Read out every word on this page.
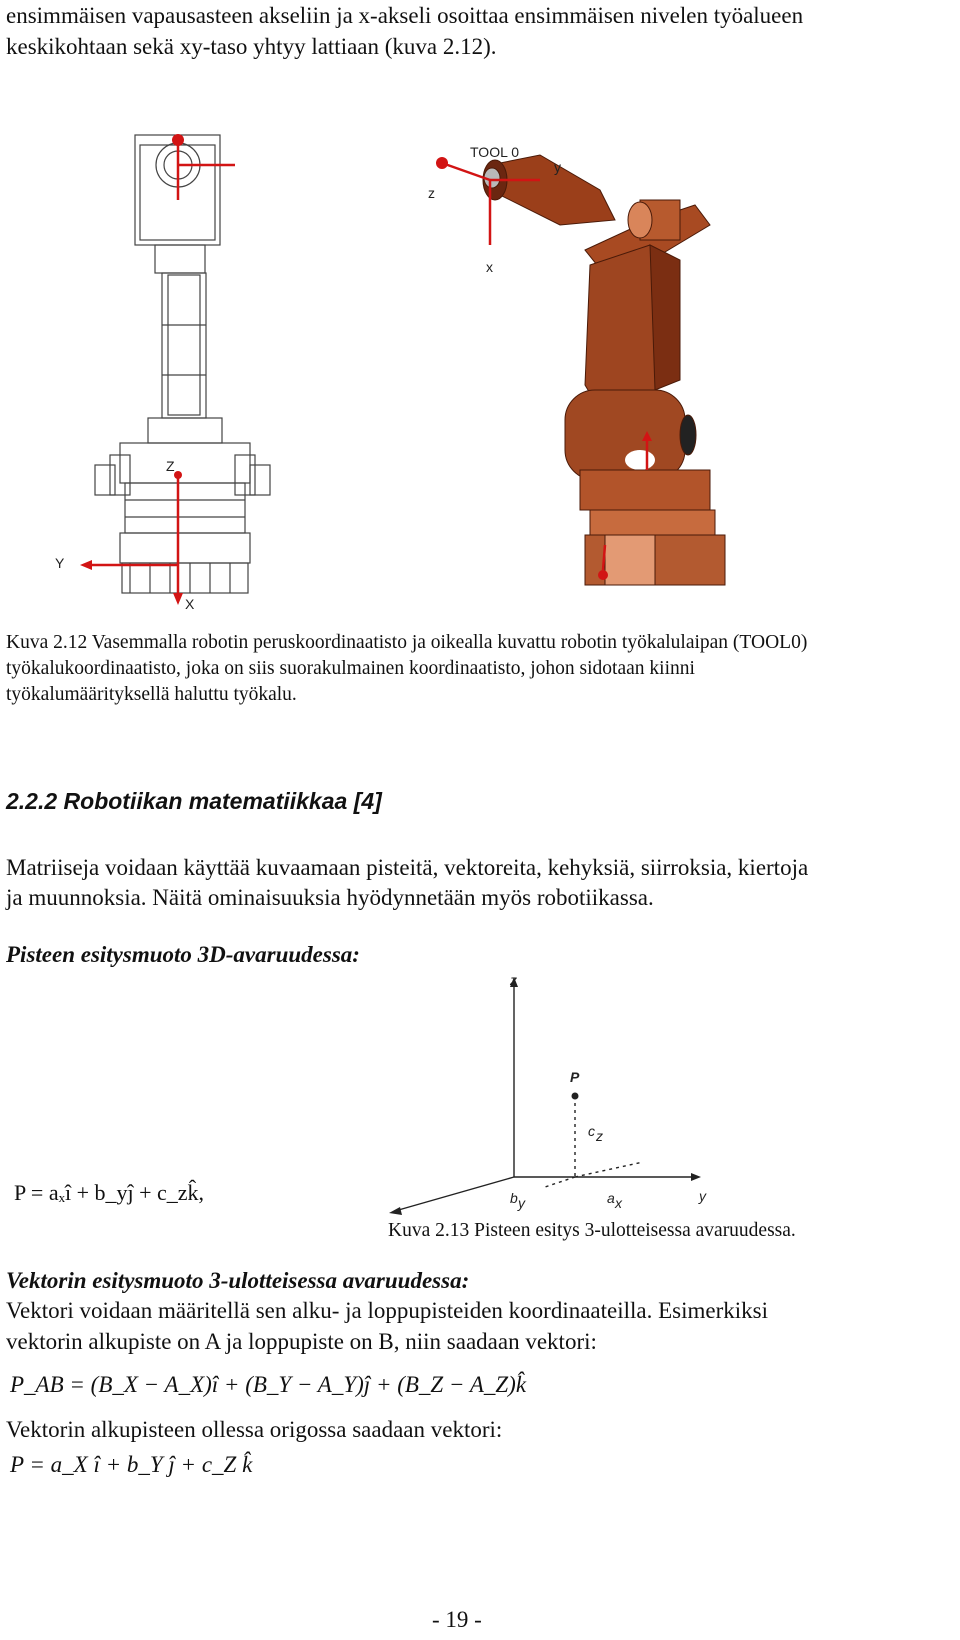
ensimmäisen vapausasteen akseliin ja x-akseli osoittaa ensimmäisen nivelen työalueen

keskikohtaan sekä xy-taso yhtyy lattiaan (kuva 2.12).

Z
Y
X
TOOL 0
y
z
x
Kuva 2.12 Vasemmalla robotin peruskoordinaatisto ja oikealla kuvattu robotin työkalulaipan (TOOL0)
työkalukoordinaatisto, joka on siis suorakulmainen koordinaatisto, johon sidotaan kiinni
työkalumäärityksellä haluttu työkalu.
2.2.2 Robotiikan matematiikkaa [4]

Matriiseja voidaan käyttää kuvaamaan pisteitä, vektoreita, kehyksiä, siirroksia, kiertoja

ja muunnoksia. Näitä ominaisuuksia hyödynnetään myös robotiikassa.

Pisteen esitysmuoto 3D-avaruudessa:
P = aₓî + b_yĵ + c_zk̂,
z
y
P
c z
b y	a x
Kuva 2.13 Pisteen esitys 3-ulotteisessa avaruudessa.
Vektorin esitysmuoto 3-ulotteisessa avaruudessa:

Vektori voidaan määritellä sen alku- ja loppupisteiden koordinaateilla. Esimerkiksi

vektorin alkupiste on A ja loppupiste on B, niin saadaan vektori:

P_AB = (B_X − A_X)î + (B_Y − A_Y)ĵ + (B_Z − A_Z)k̂

Vektorin alkupisteen ollessa origossa saadaan vektori:

P = a_X î + b_Y ĵ + c_Z k̂
- 19 -
